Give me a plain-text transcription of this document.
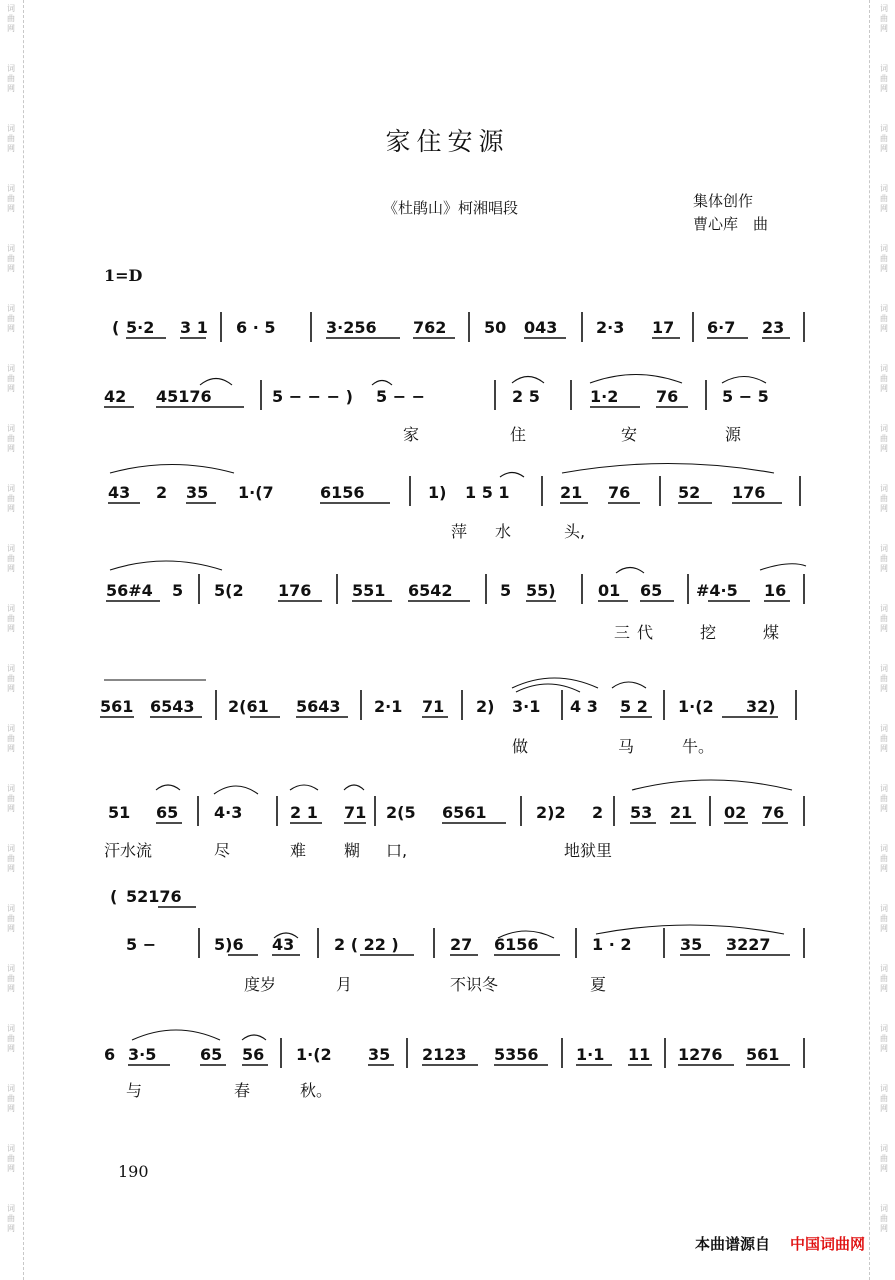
词
曲
网
词
曲
网
词
曲
网
词
曲
网
词
曲
网
词
曲
网
词
曲
网
词
曲
网
词
曲
网
词
曲
网
词
曲
网
词
曲
网
词
曲
网
词
曲
网
词
曲
网
词
曲
网
词
曲
网
词
曲
网
词
曲
网
词
曲
网
词
曲
网
词
曲
网
词
曲
网
词
曲
网
词
曲
网
词
曲
网
词
曲
网
词
曲
网
词
曲
网
词
曲
网
词
曲
网
词
曲
网
词
曲
网
词
曲
网
词
曲
网
词
曲
网
词
曲
网
词
曲
网
词
曲
网
词
曲
网
词
曲
网
词
曲
网
家住安源
《杜鹃山》柯湘唱段	集体创作
曹心库　曲
1=D
( 5·2 3 1 6 · 5	3·256 762 50 043 2·3 17 6·7 23
42 45176	5 − − − ) 5 − −	2 5	1·2 76	5 − 5
家	住	安	源
43 2 35 1·(7	6156	1) 1 5 1	21 76	52 176
萍 水	头,
56#4 5 5(2 176	551 6542	5 55)	01 65 #4·5 16
三 代	挖	煤
561 6543 2(61 5643 2·1 71 2) 3·1 4 3 5 2 1·(2 32)
做	马	牛。
51 65 4·3	2 1 71 2(5 6561	2)2 2 53 21 02 76
汗水流	尽	难 糊 口,	地狱里
( 52176
5 −	5)6 43 2 ( 22 )	27 6156	1 · 2	35 3227
度岁	月	不识冬	夏
6 3·5	65 56 1·(2 35 2123 5356 1·1 11 1276 561
与	春	秋。
190
本曲谱源自 中国词曲网
